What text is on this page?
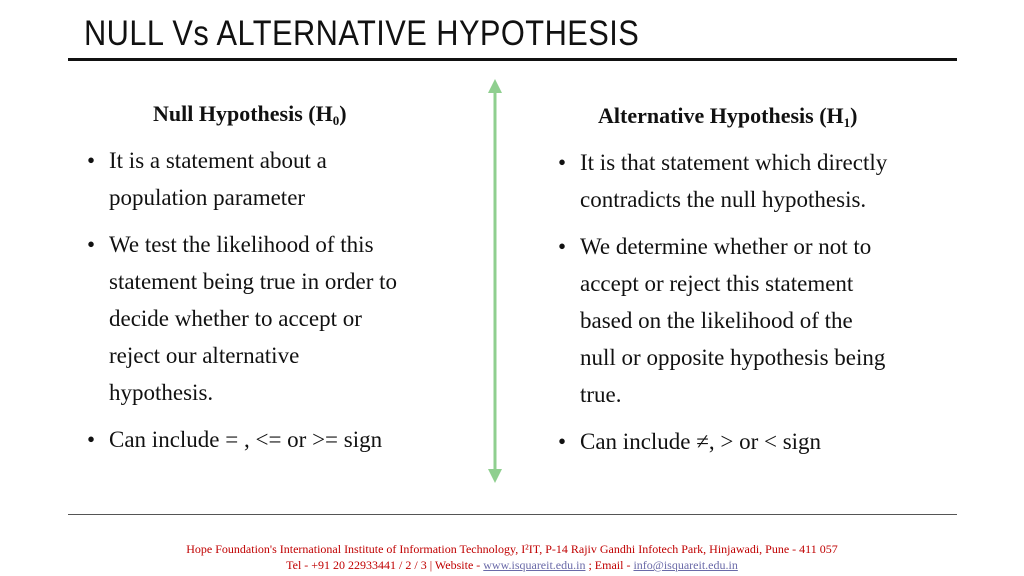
NULL Vs ALTERNATIVE HYPOTHESIS
Null Hypothesis $(H_0)$
• It is a statement about a
population parameter
• We test the likelihood of this
statement being true in order to
decide whether to accept or
reject our alternative
hypothesis.
• Can include = , <= or >= sign
Alternative Hypothesis $(H_1)$
• It is that statement which directly
contradicts the null hypothesis.
• We determine whether or not to
accept or reject this statement
based on the likelihood of the
null or opposite hypothesis being
true.
• Can include ≠, > or < sign
Hope Foundation's International Institute of Information Technology, I²IT, P-14 Rajiv Gandhi Infotech Park, Hinjawadi, Pune - 411 057
Tel - +91 20 22933441 / 2 / 3 | Website - www.isquareit.edu.in ; Email - info@isquareit.edu.in
